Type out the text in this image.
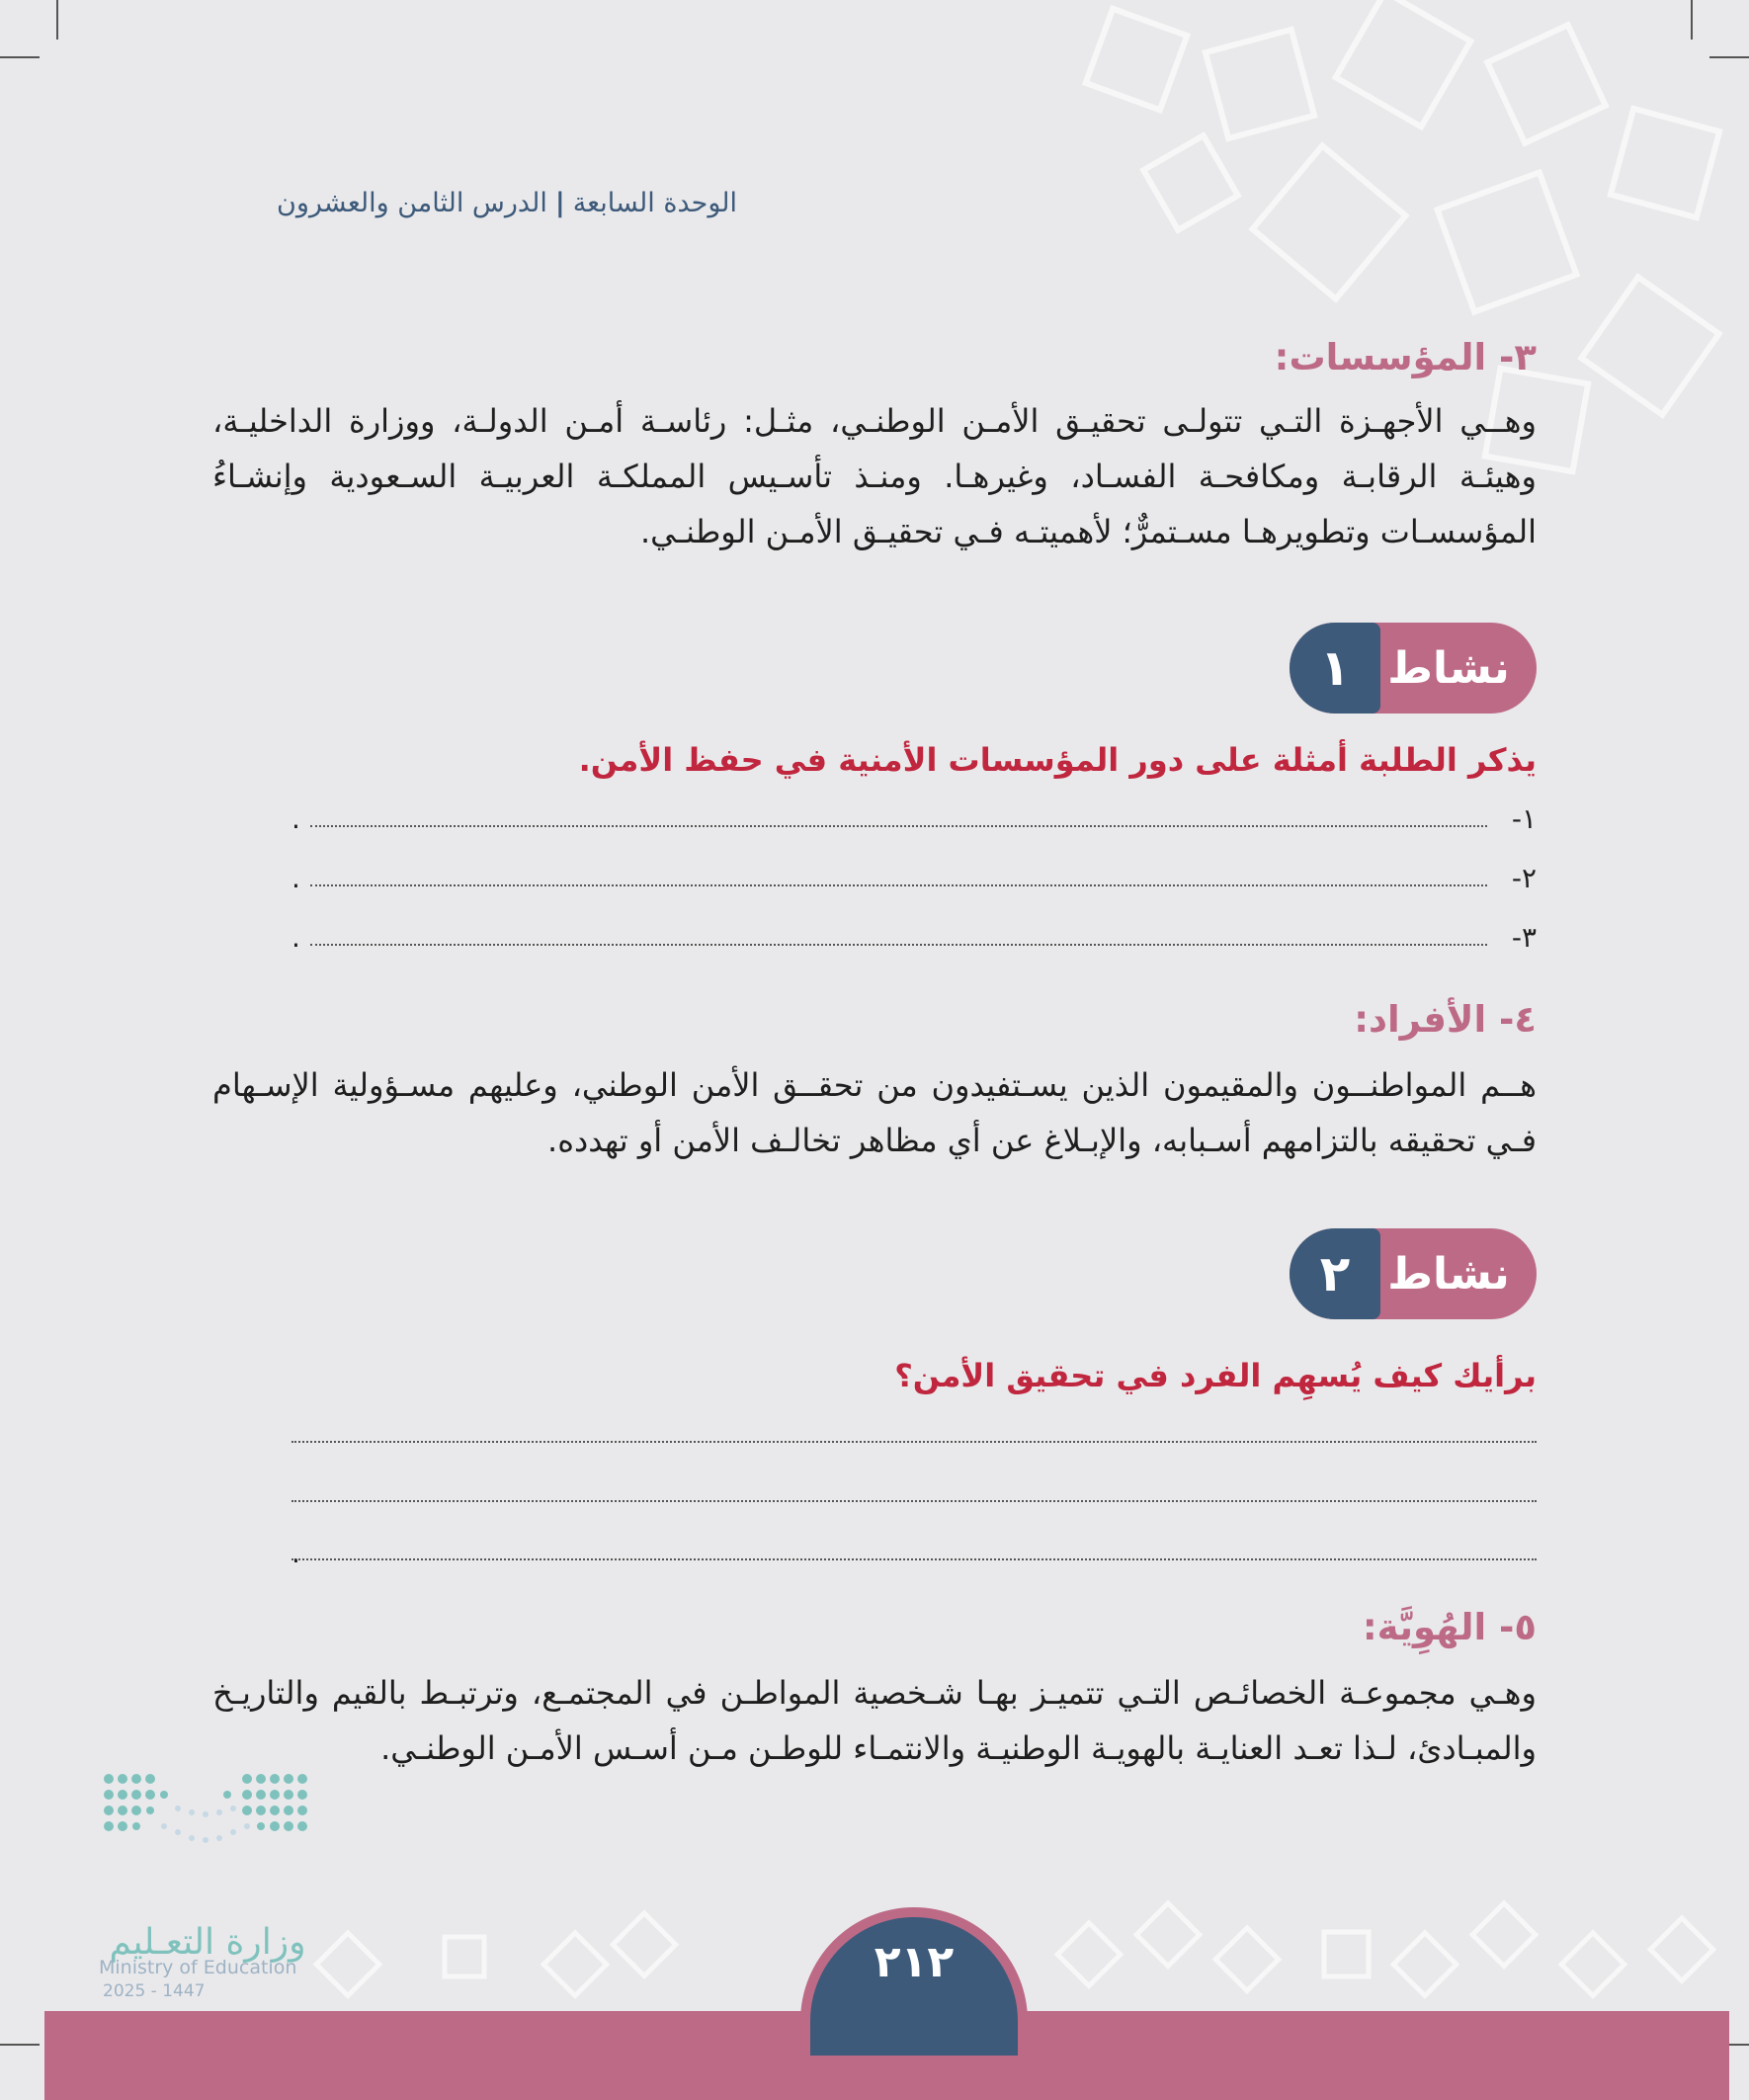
الوحدة السابعة|الدرس الثامن والعشرون
٣- المؤسسات:
وهــي الأجهـزة التـي تتولـى تحقيـق الأمـن الوطنـي، مثـل: رئاسـة أمـن الدولـة، ووزارة الداخليـة، وهيئـة الرقابـة ومكافحـة الفسـاد، وغيرهـا. ومنـذ تأسـيس المملكـة العربيـة السـعودية وإنشـاءُ المؤسسـات وتطويرهـا مسـتمرٌّ؛ لأهميتـه فـي تحقيـق الأمـن الوطنـي.
١ نشاط
يذكر الطلبة أمثلة على دور المؤسسات الأمنية في حفظ الأمن.
١-
.
٢-
.
٣-
.
٤- الأفراد:
هــم المواطنــون والمقيمون الذين يسـتفيدون من تحقــق الأمن الوطني، وعليهم مسـؤولية الإسـهام فـي تحقيقه بالتزامهم أسـبابه، والإبـلاغ عن أي مظاهر تخالـف الأمن أو تهدده.
٢ نشاط
برأيك كيف يُسهِم الفرد في تحقيق الأمن؟
.
٥- الهُوِيَّة:
وهـي مجموعـة الخصائـص التـي تتميـز بهـا شـخصية المواطـن في المجتمـع، وترتبـط بالقيم والتاريـخ والمبـادئ، لـذا تعـد العنايـة بالهويـة الوطنيـة والانتمـاء للوطـن مـن أسـس الأمـن الوطنـي.
وزارة التعـليم
Ministry of Education
2025 - 1447
٢١٢
